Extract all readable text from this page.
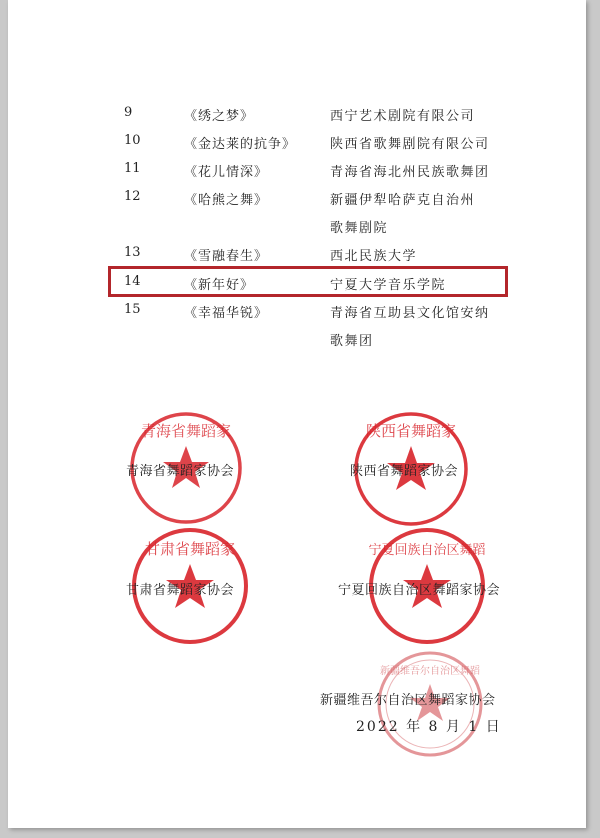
9	《绣之梦》	西宁艺术剧院有限公司
10	《金达莱的抗争》	陕西省歌舞剧院有限公司
11	《花儿情深》	青海省海北州民族歌舞团
12	《哈熊之舞》	新疆伊犁哈萨克自治州
歌舞剧院
13	《雪融春生》	西北民族大学
14	《新年好》	宁夏大学音乐学院
15	《幸福华锐》	青海省互助县文化馆安纳
歌舞团
青海省舞蹈家	陕西省舞蹈家
甘肃省舞蹈家	宁夏回族自治区舞蹈
新疆维吾尔自治区舞蹈
青海省舞蹈家协会	陕西省舞蹈家协会
甘肃省舞蹈家协会	宁夏回族自治区舞蹈家协会
新疆维吾尔自治区舞蹈家协会
2022 年 8 月 1 日
